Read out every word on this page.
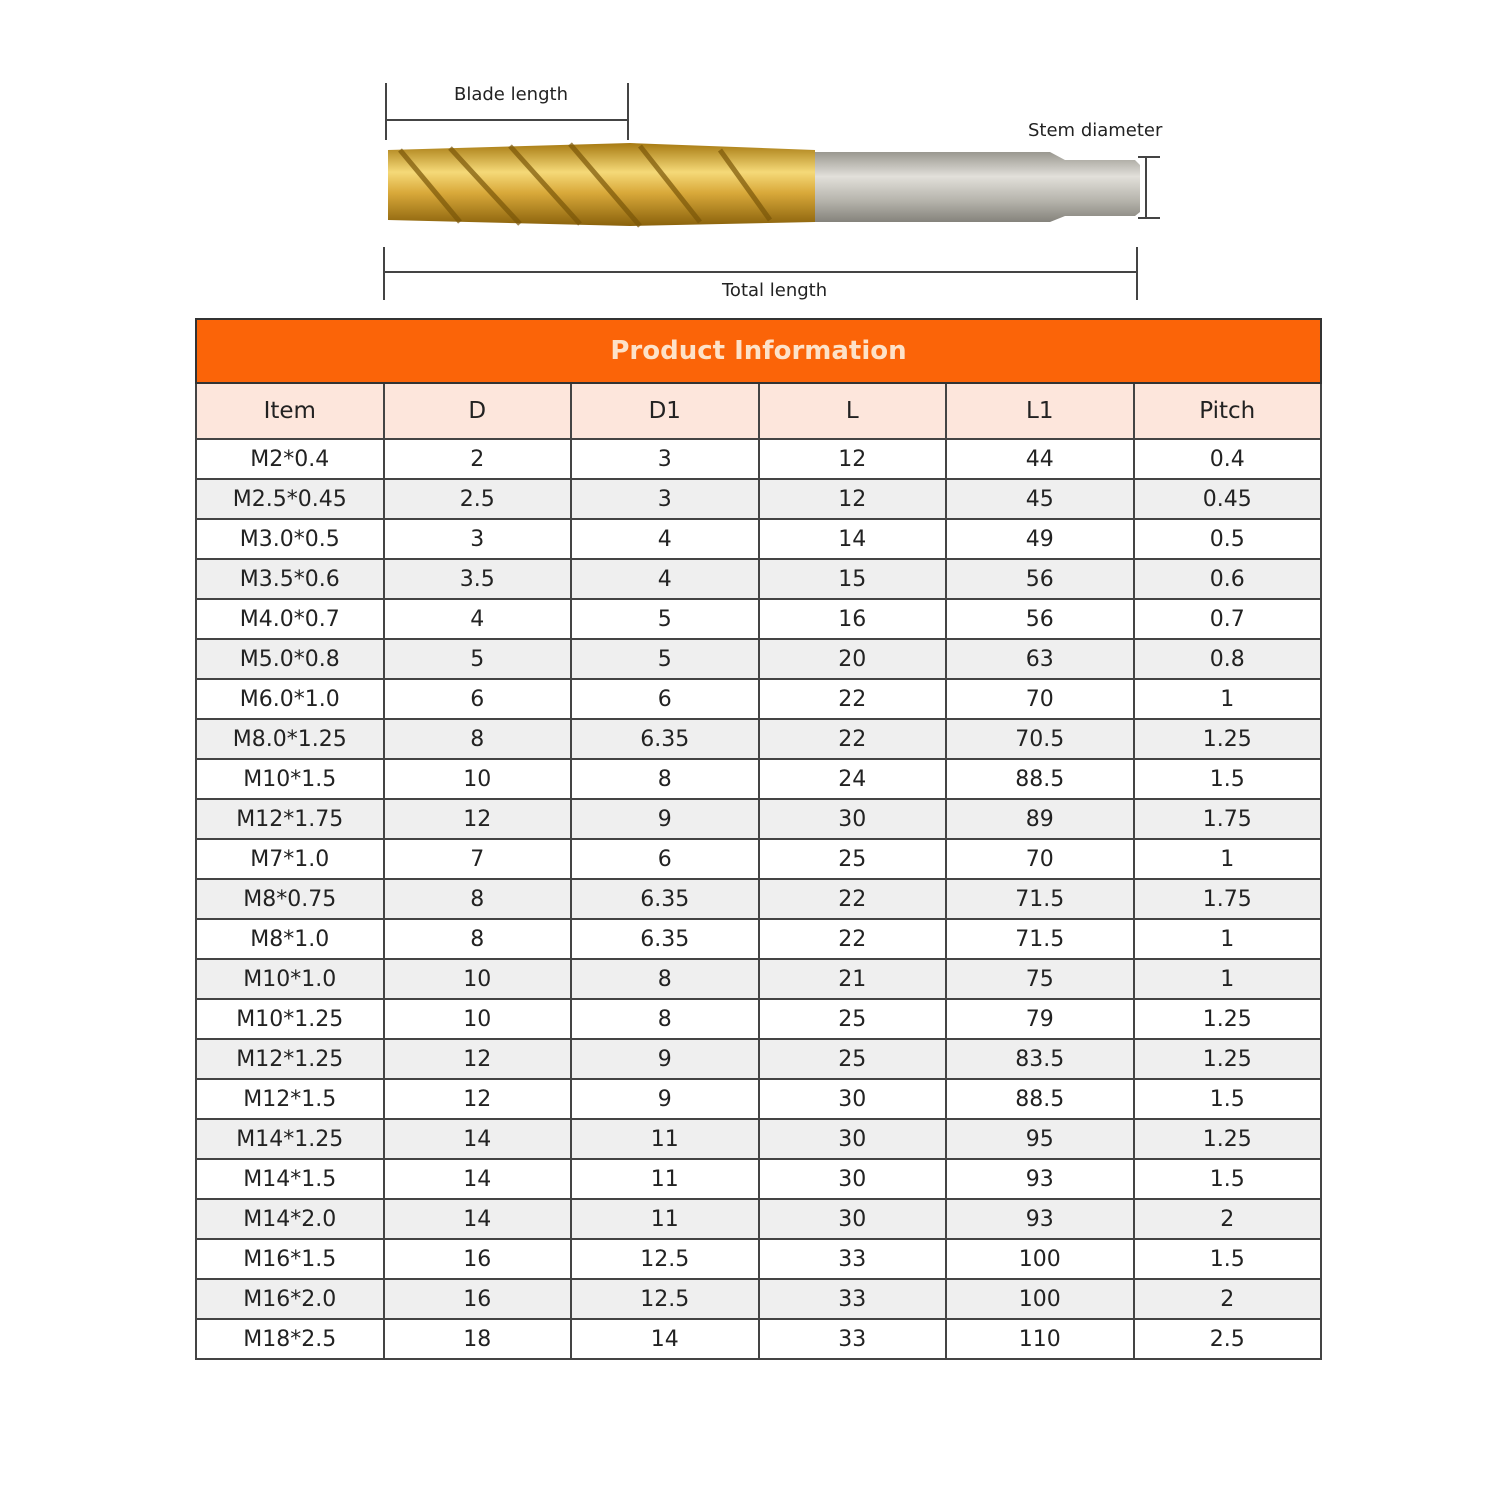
Blade length
Stem diameter
Total length
Product Information					
Item	D	D1	L	L1	Pitch
M2*0.4	2	3	12	44	0.4
M2.5*0.45	2.5	3	12	45	0.45
M3.0*0.5	3	4	14	49	0.5
M3.5*0.6	3.5	4	15	56	0.6
M4.0*0.7	4	5	16	56	0.7
M5.0*0.8	5	5	20	63	0.8
M6.0*1.0	6	6	22	70	1
M8.0*1.25	8	6.35	22	70.5	1.25
M10*1.5	10	8	24	88.5	1.5
M12*1.75	12	9	30	89	1.75
M7*1.0	7	6	25	70	1
M8*0.75	8	6.35	22	71.5	1.75
M8*1.0	8	6.35	22	71.5	1
M10*1.0	10	8	21	75	1
M10*1.25	10	8	25	79	1.25
M12*1.25	12	9	25	83.5	1.25
M12*1.5	12	9	30	88.5	1.5
M14*1.25	14	11	30	95	1.25
M14*1.5	14	11	30	93	1.5
M14*2.0	14	11	30	93	2
M16*1.5	16	12.5	33	100	1.5
M16*2.0	16	12.5	33	100	2
M18*2.5	18	14	33	110	2.5
